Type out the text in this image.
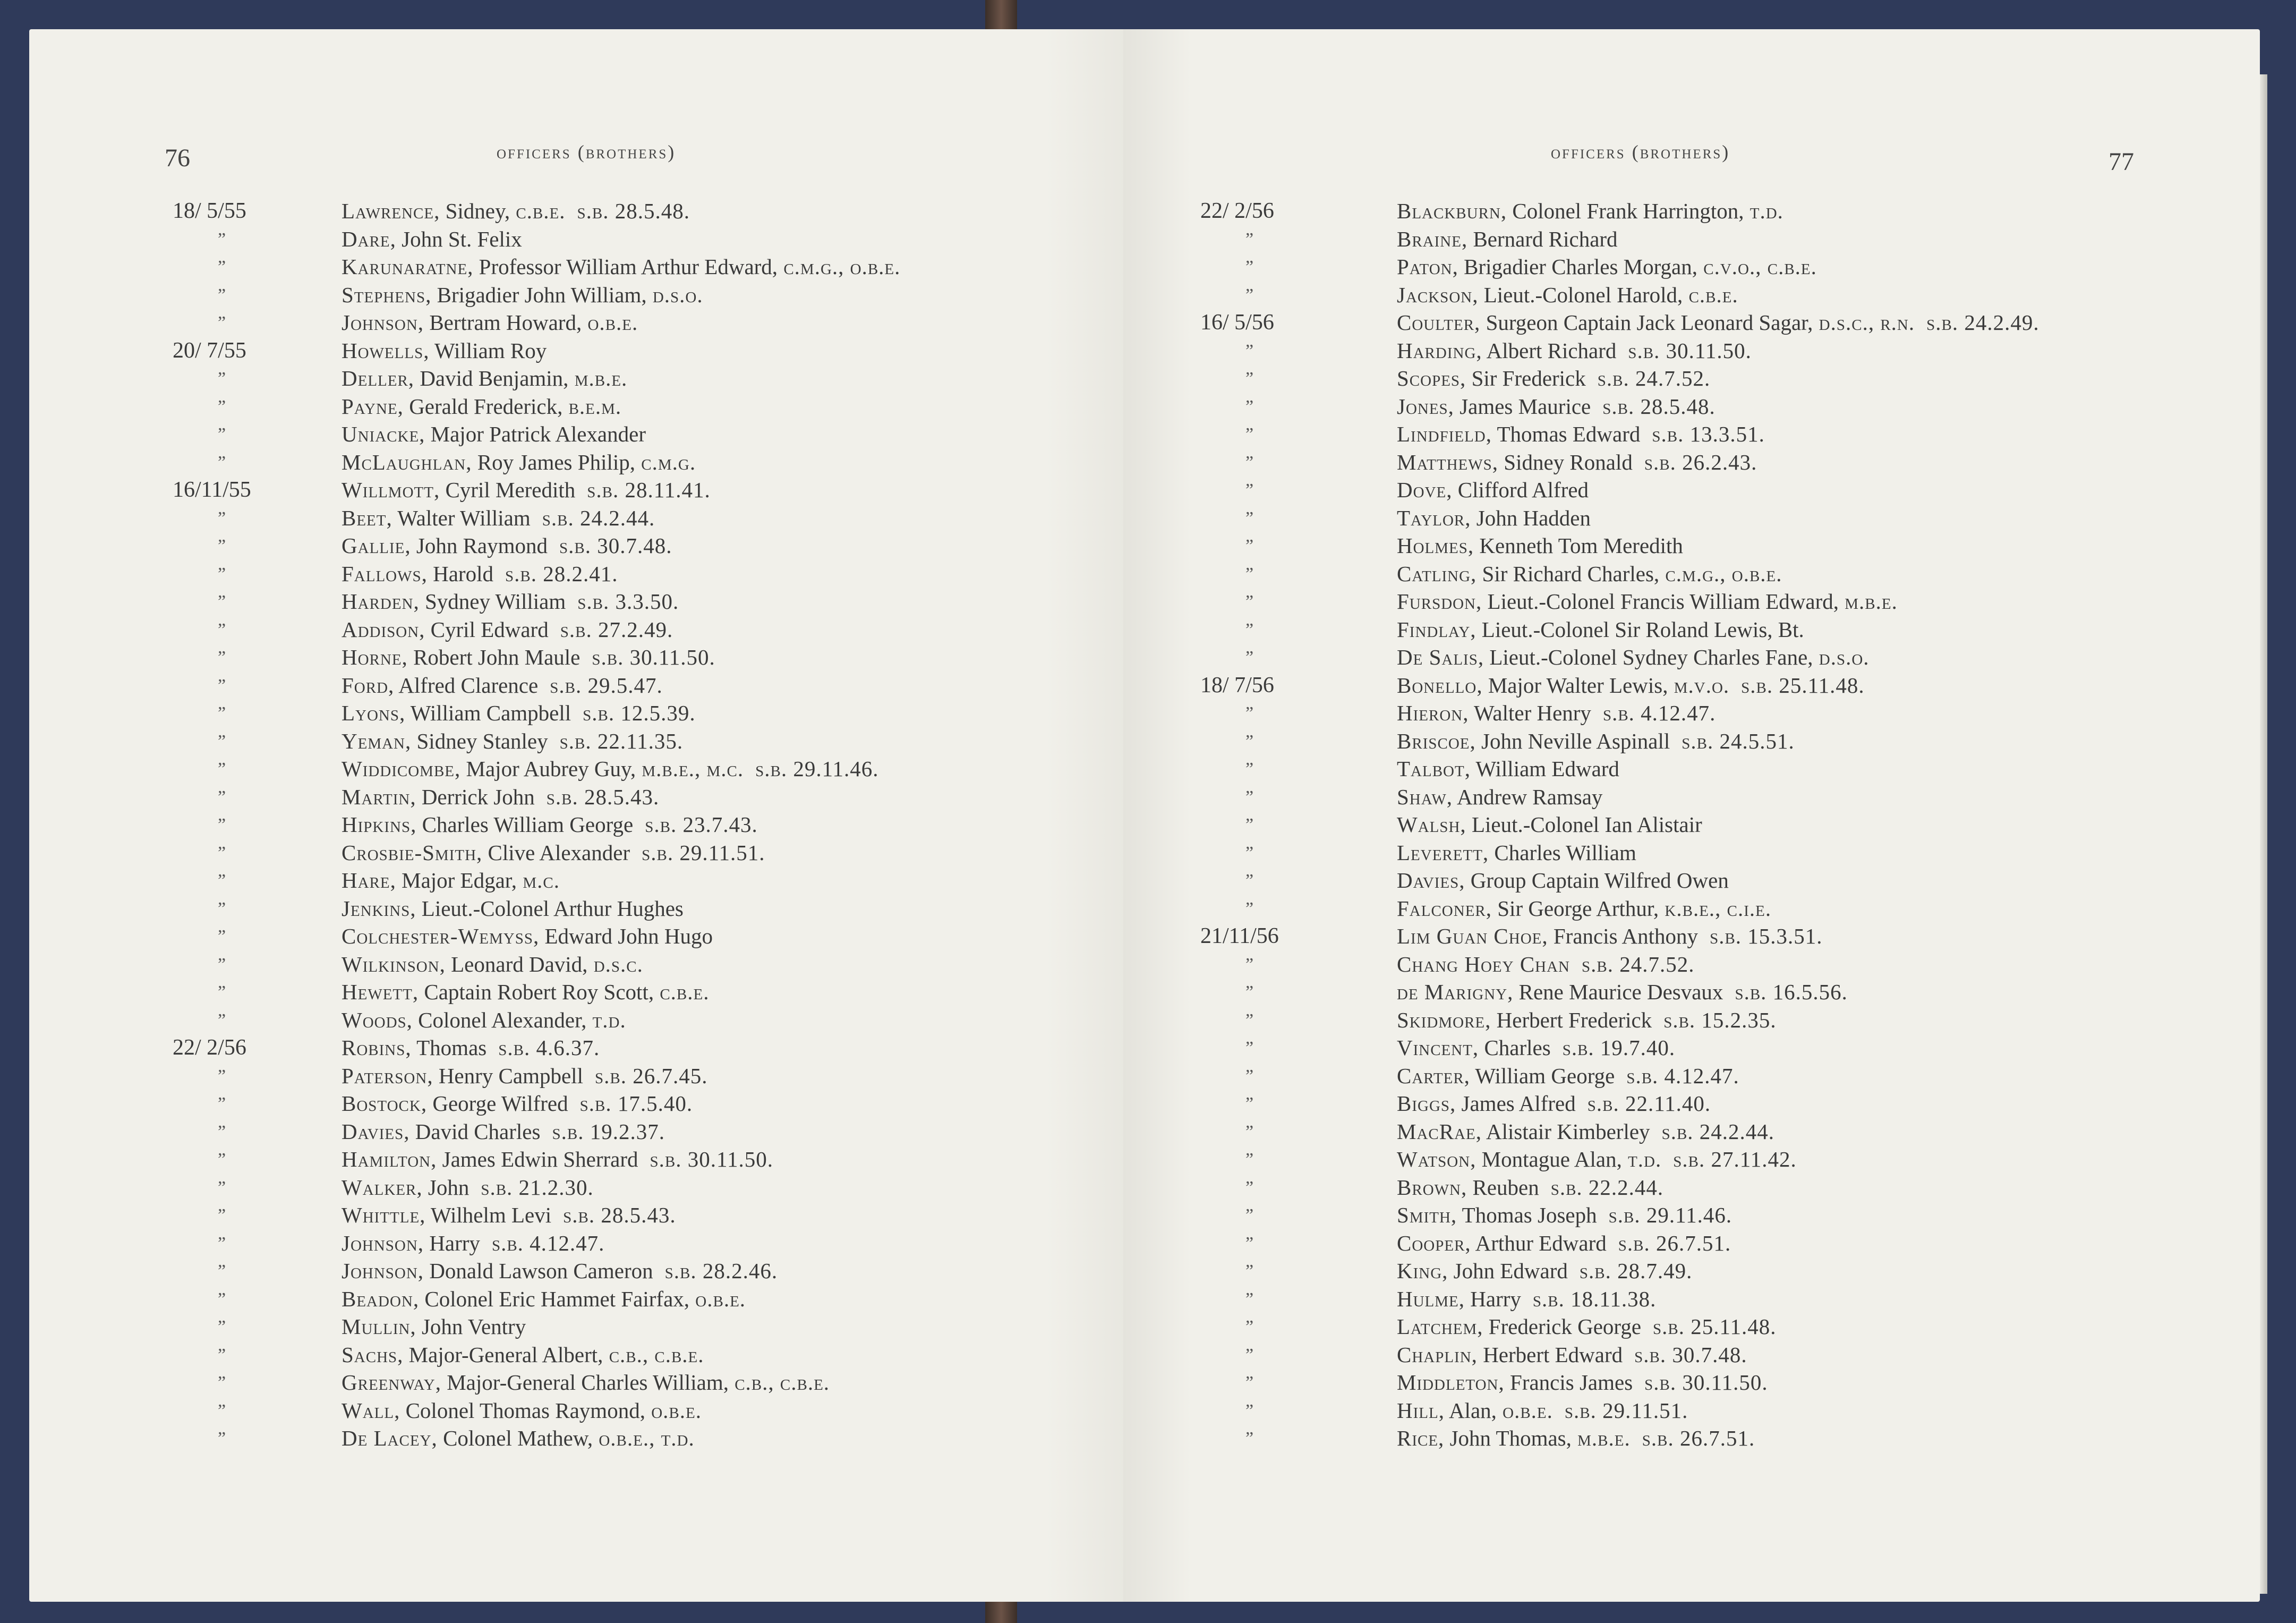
76	officers (brothers)
18/ 5/55	Lawrence, Sidney, c.b.e. s.b. 28.5.48.
”	Dare, John St. Felix
”	Karunaratne, Professor William Arthur Edward, c.m.g., o.b.e.
”	Stephens, Brigadier John William, d.s.o.
”	Johnson, Bertram Howard, o.b.e.
20/ 7/55	Howells, William Roy
”	Deller, David Benjamin, m.b.e.
”	Payne, Gerald Frederick, b.e.m.
”	Uniacke, Major Patrick Alexander
”	McLaughlan, Roy James Philip, c.m.g.
16/11/55	Willmott, Cyril Meredith s.b. 28.11.41.
”	Beet, Walter William s.b. 24.2.44.
”	Gallie, John Raymond s.b. 30.7.48.
”	Fallows, Harold s.b. 28.2.41.
”	Harden, Sydney William s.b. 3.3.50.
”	Addison, Cyril Edward s.b. 27.2.49.
”	Horne, Robert John Maule s.b. 30.11.50.
”	Ford, Alfred Clarence s.b. 29.5.47.
”	Lyons, William Campbell s.b. 12.5.39.
”	Yeman, Sidney Stanley s.b. 22.11.35.
”	Widdicombe, Major Aubrey Guy, m.b.e., m.c. s.b. 29.11.46.
”	Martin, Derrick John s.b. 28.5.43.
”	Hipkins, Charles William George s.b. 23.7.43.
”	Crosbie-Smith, Clive Alexander s.b. 29.11.51.
”	Hare, Major Edgar, m.c.
”	Jenkins, Lieut.-Colonel Arthur Hughes
”	Colchester-Wemyss, Edward John Hugo
”	Wilkinson, Leonard David, d.s.c.
”	Hewett, Captain Robert Roy Scott, c.b.e.
”	Woods, Colonel Alexander, t.d.
22/ 2/56	Robins, Thomas s.b. 4.6.37.
”	Paterson, Henry Campbell s.b. 26.7.45.
”	Bostock, George Wilfred s.b. 17.5.40.
”	Davies, David Charles s.b. 19.2.37.
”	Hamilton, James Edwin Sherrard s.b. 30.11.50.
”	Walker, John s.b. 21.2.30.
”	Whittle, Wilhelm Levi s.b. 28.5.43.
”	Johnson, Harry s.b. 4.12.47.
”	Johnson, Donald Lawson Cameron s.b. 28.2.46.
”	Beadon, Colonel Eric Hammet Fairfax, o.b.e.
”	Mullin, John Ventry
”	Sachs, Major-General Albert, c.b., c.b.e.
”	Greenway, Major-General Charles William, c.b., c.b.e.
”	Wall, Colonel Thomas Raymond, o.b.e.
”	De Lacey, Colonel Mathew, o.b.e., t.d.
officers (brothers)	77
22/ 2/56	Blackburn, Colonel Frank Harrington, t.d.
”	Braine, Bernard Richard
”	Paton, Brigadier Charles Morgan, c.v.o., c.b.e.
”	Jackson, Lieut.-Colonel Harold, c.b.e.
16/ 5/56	Coulter, Surgeon Captain Jack Leonard Sagar, d.s.c., r.n. s.b. 24.2.49.
”	Harding, Albert Richard s.b. 30.11.50.
”	Scopes, Sir Frederick s.b. 24.7.52.
”	Jones, James Maurice s.b. 28.5.48.
”	Lindfield, Thomas Edward s.b. 13.3.51.
”	Matthews, Sidney Ronald s.b. 26.2.43.
”	Dove, Clifford Alfred
”	Taylor, John Hadden
”	Holmes, Kenneth Tom Meredith
”	Catling, Sir Richard Charles, c.m.g., o.b.e.
”	Fursdon, Lieut.-Colonel Francis William Edward, m.b.e.
”	Findlay, Lieut.-Colonel Sir Roland Lewis, Bt.
”	De Salis, Lieut.-Colonel Sydney Charles Fane, d.s.o.
18/ 7/56	Bonello, Major Walter Lewis, m.v.o. s.b. 25.11.48.
”	Hieron, Walter Henry s.b. 4.12.47.
”	Briscoe, John Neville Aspinall s.b. 24.5.51.
”	Talbot, William Edward
”	Shaw, Andrew Ramsay
”	Walsh, Lieut.-Colonel Ian Alistair
”	Leverett, Charles William
”	Davies, Group Captain Wilfred Owen
”	Falconer, Sir George Arthur, k.b.e., c.i.e.
21/11/56	Lim Guan Choe, Francis Anthony s.b. 15.3.51.
”	Chang Hoey Chan s.b. 24.7.52.
”	de Marigny, Rene Maurice Desvaux s.b. 16.5.56.
”	Skidmore, Herbert Frederick s.b. 15.2.35.
”	Vincent, Charles s.b. 19.7.40.
”	Carter, William George s.b. 4.12.47.
”	Biggs, James Alfred s.b. 22.11.40.
”	MacRae, Alistair Kimberley s.b. 24.2.44.
”	Watson, Montague Alan, t.d. s.b. 27.11.42.
”	Brown, Reuben s.b. 22.2.44.
”	Smith, Thomas Joseph s.b. 29.11.46.
”	Cooper, Arthur Edward s.b. 26.7.51.
”	King, John Edward s.b. 28.7.49.
”	Hulme, Harry s.b. 18.11.38.
”	Latchem, Frederick George s.b. 25.11.48.
”	Chaplin, Herbert Edward s.b. 30.7.48.
”	Middleton, Francis James s.b. 30.11.50.
”	Hill, Alan, o.b.e. s.b. 29.11.51.
”	Rice, John Thomas, m.b.e. s.b. 26.7.51.
